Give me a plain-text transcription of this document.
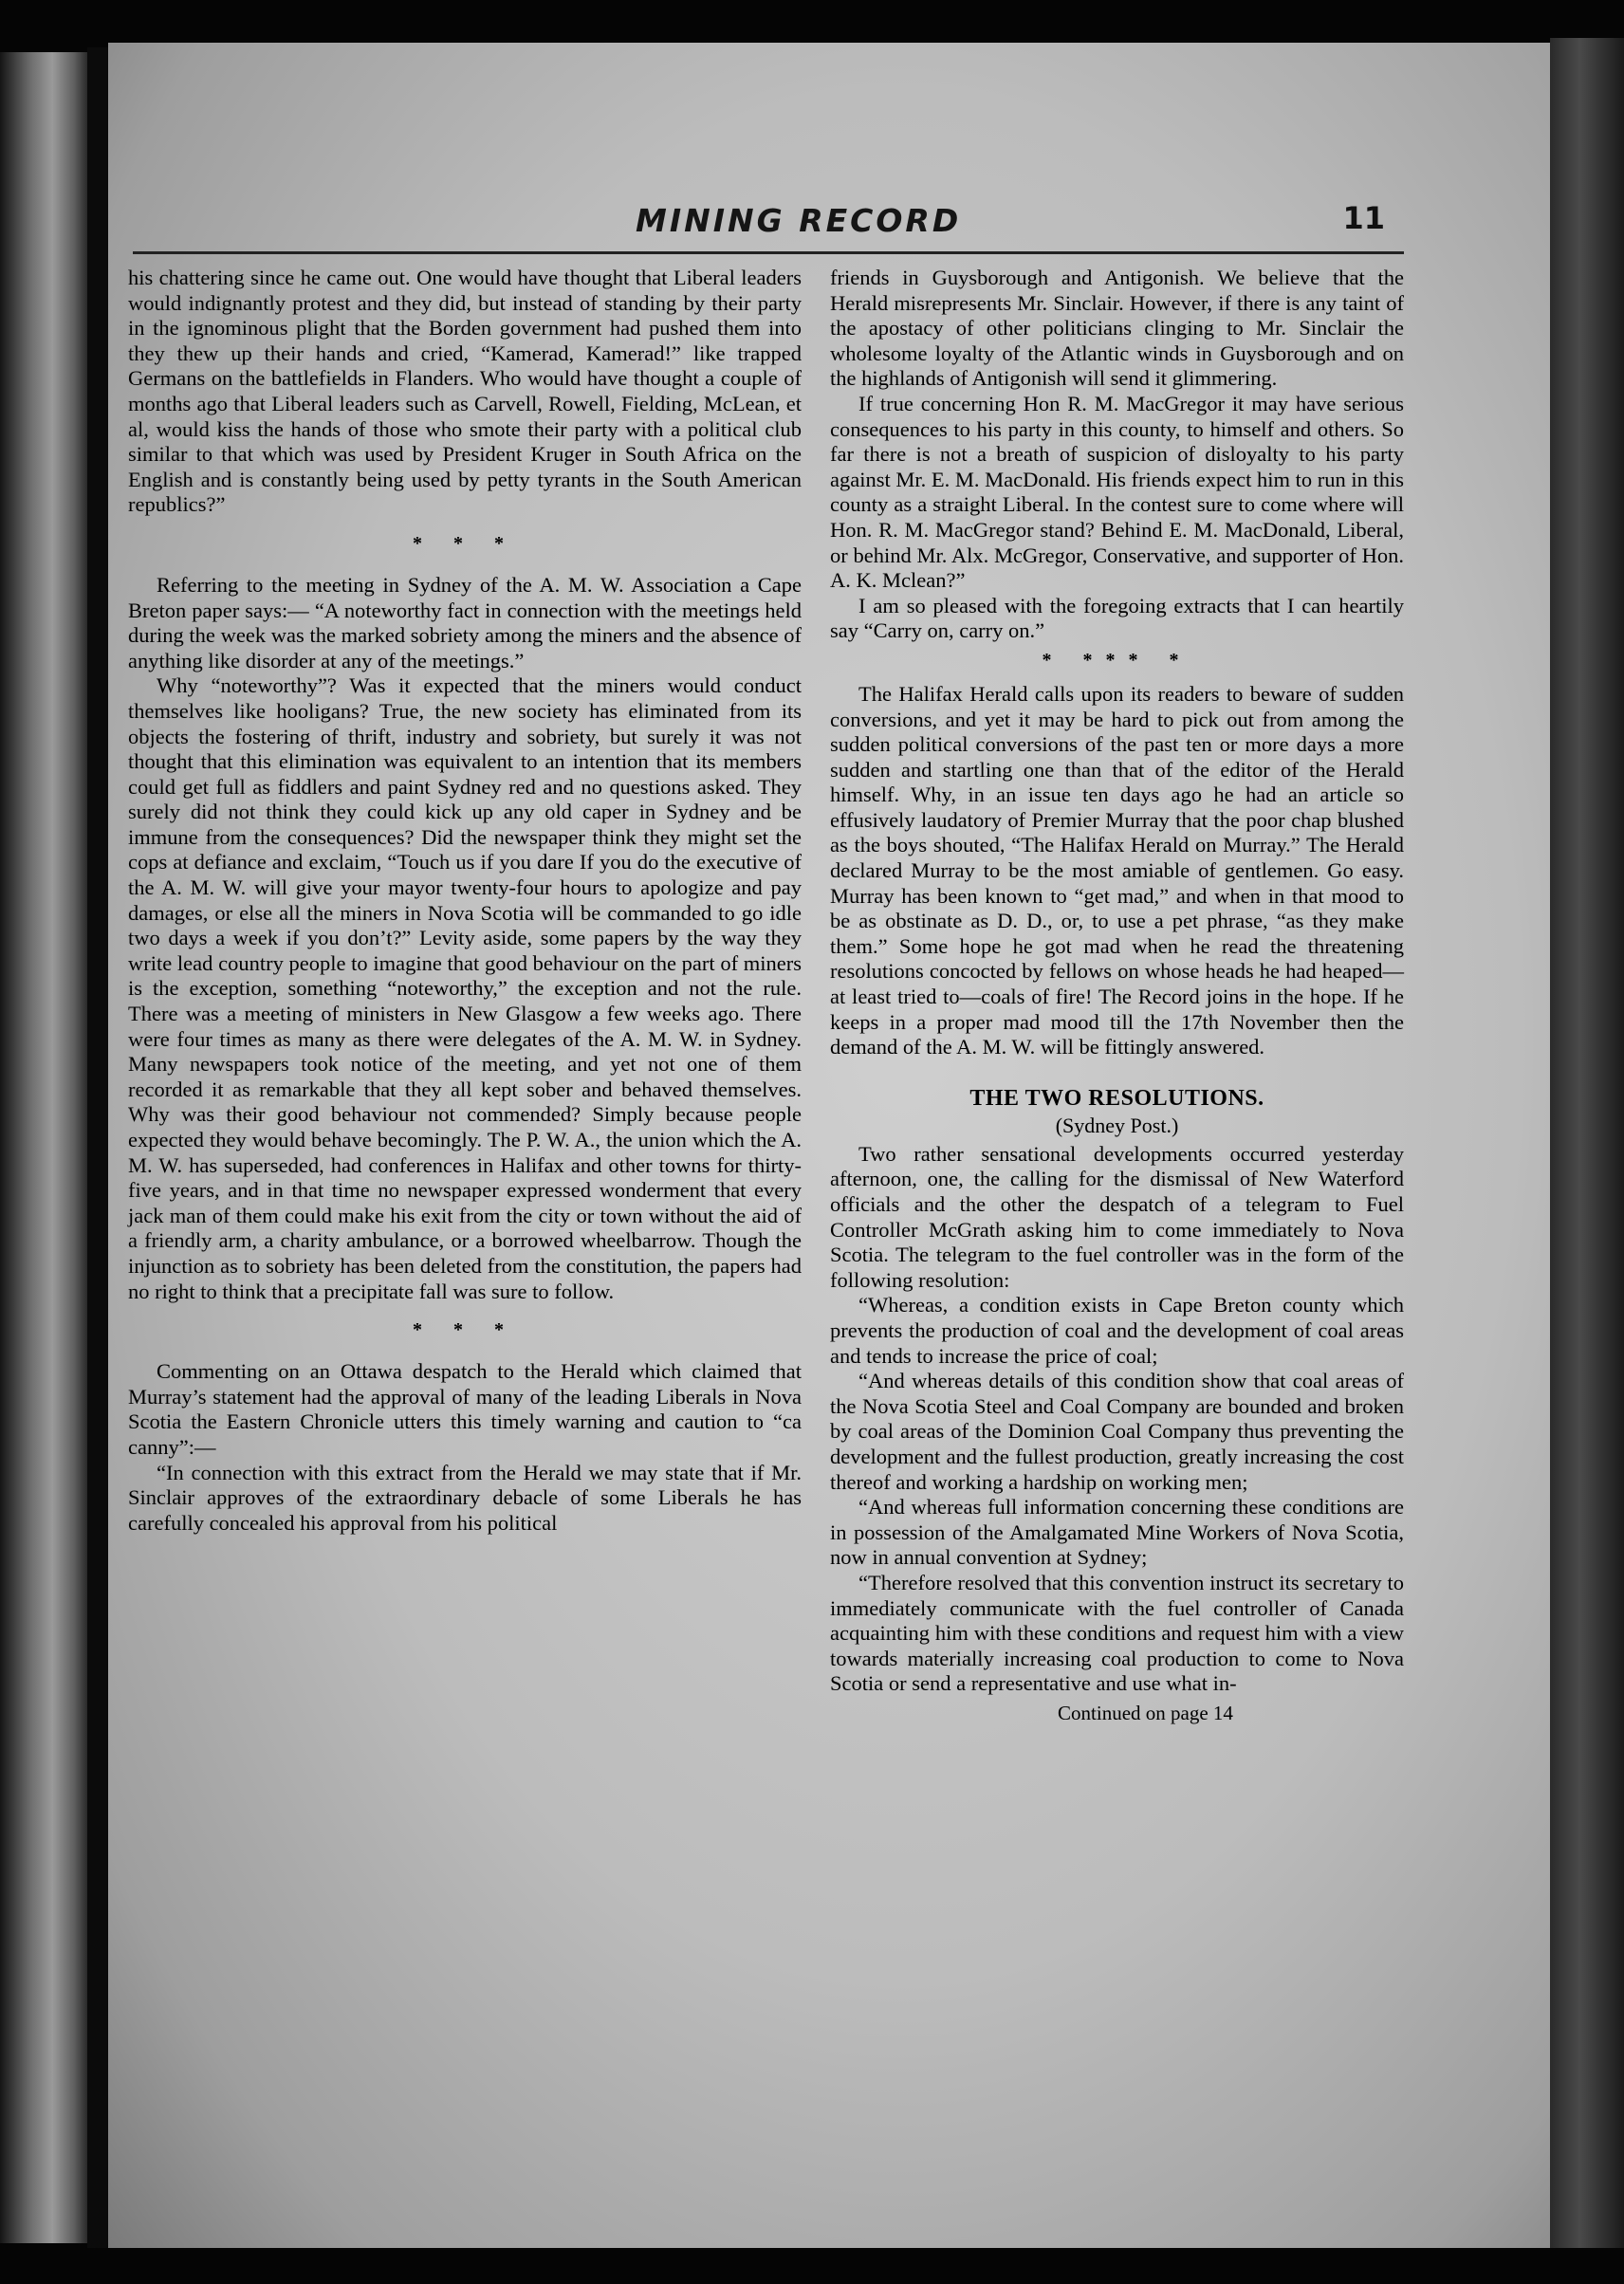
MINING RECORD	11

his chattering since he came out. One would have thought that Liberal leaders would indignantly protest and they did, but instead of standing by their party in the ignominous plight that the Borden government had pushed them into they thew up their hands and cried, “Kamerad, Kamerad!” like trapped Germans on the battlefields in Flanders. Who would have thought a couple of months ago that Liberal leaders such as Carvell, Rowell, Fielding, McLean, et al, would kiss the hands of those who smote their party with a political club similar to that which was used by President Kruger in South Africa on the English and is constantly being used by petty tyrants in the South American republics?”

* * *

Referring to the meeting in Sydney of the A. M. W. Association a Cape Breton paper says:— “A noteworthy fact in connection with the meetings held during the week was the marked sobriety among the miners and the absence of anything like disorder at any of the meetings.”

Why “noteworthy”? Was it expected that the miners would conduct themselves like hooligans? True, the new society has eliminated from its objects the fostering of thrift, industry and sobriety, but surely it was not thought that this elimination was equivalent to an intention that its members could get full as fiddlers and paint Sydney red and no questions asked. They surely did not think they could kick up any old caper in Sydney and be immune from the consequences? Did the newspaper think they might set the cops at defiance and exclaim, “Touch us if you dare If you do the executive of the A. M. W. will give your mayor twenty-four hours to apologize and pay damages, or else all the miners in Nova Scotia will be commanded to go idle two days a week if you don’t?” Levity aside, some papers by the way they write lead country people to imagine that good behaviour on the part of miners is the exception, something “noteworthy,” the exception and not the rule. There was a meeting of ministers in New Glasgow a few weeks ago. There were four times as many as there were delegates of the A. M. W. in Sydney. Many newspapers took notice of the meeting, and yet not one of them recorded it as remarkable that they all kept sober and behaved themselves. Why was their good behaviour not commended? Simply because people expected they would behave becomingly. The P. W. A., the union which the A. M. W. has superseded, had conferences in Halifax and other towns for thirty-five years, and in that time no newspaper expressed wonderment that every jack man of them could make his exit from the city or town without the aid of a friendly arm, a charity ambulance, or a borrowed wheelbarrow. Though the injunction as to sobriety has been deleted from the constitution, the papers had no right to think that a precipitate fall was sure to follow.

* * *

Commenting on an Ottawa despatch to the Herald which claimed that Murray’s statement had the approval of many of the leading Liberals in Nova Scotia the Eastern Chronicle utters this timely warning and caution to “ca canny”:—

“In connection with this extract from the Herald we may state that if Mr. Sinclair approves of the extraordinary debacle of some Liberals he has carefully concealed his approval from his political

friends in Guysborough and Antigonish. We believe that the Herald misrepresents Mr. Sinclair. However, if there is any taint of the apostacy of other politicians clinging to Mr. Sinclair the wholesome loyalty of the Atlantic winds in Guysborough and on the highlands of Antigonish will send it glimmering.

If true concerning Hon R. M. MacGregor it may have serious consequences to his party in this county, to himself and others. So far there is not a breath of suspicion of disloyalty to his party against Mr. E. M. MacDonald. His friends expect him to run in this county as a straight Liberal. In the contest sure to come where will Hon. R. M. MacGregor stand? Behind E. M. MacDonald, Liberal, or behind Mr. Alx. McGregor, Conservative, and supporter of Hon. A. K. Mclean?”

I am so pleased with the foregoing extracts that I can heartily say “Carry on, carry on.”

* *** *

The Halifax Herald calls upon its readers to beware of sudden conversions, and yet it may be hard to pick out from among the sudden political conversions of the past ten or more days a more sudden and startling one than that of the editor of the Herald himself. Why, in an issue ten days ago he had an article so effusively laudatory of Premier Murray that the poor chap blushed as the boys shouted, “The Halifax Herald on Murray.” The Herald declared Murray to be the most amiable of gentlemen. Go easy. Murray has been known to “get mad,” and when in that mood to be as obstinate as D. D., or, to use a pet phrase, “as they make them.” Some hope he got mad when he read the threatening resolutions concocted by fellows on whose heads he had heaped—at least tried to—coals of fire! The Record joins in the hope. If he keeps in a proper mad mood till the 17th November then the demand of the A. M. W. will be fittingly answered.

THE TWO RESOLUTIONS.
(Sydney Post.)

Two rather sensational developments occurred yesterday afternoon, one, the calling for the dismissal of New Waterford officials and the other the despatch of a telegram to Fuel Controller McGrath asking him to come immediately to Nova Scotia. The telegram to the fuel controller was in the form of the following resolution:

“Whereas, a condition exists in Cape Breton county which prevents the production of coal and the development of coal areas and tends to increase the price of coal;

“And whereas details of this condition show that coal areas of the Nova Scotia Steel and Coal Company are bounded and broken by coal areas of the Dominion Coal Company thus preventing the development and the fullest production, greatly increasing the cost thereof and working a hardship on working men;

“And whereas full information concerning these conditions are in possession of the Amalgamated Mine Workers of Nova Scotia, now in annual convention at Sydney;

“Therefore resolved that this convention instruct its secretary to immediately communicate with the fuel controller of Canada acquainting him with these conditions and request him with a view towards materially increasing coal production to come to Nova Scotia or send a representative and use what in-

Continued on page 14
